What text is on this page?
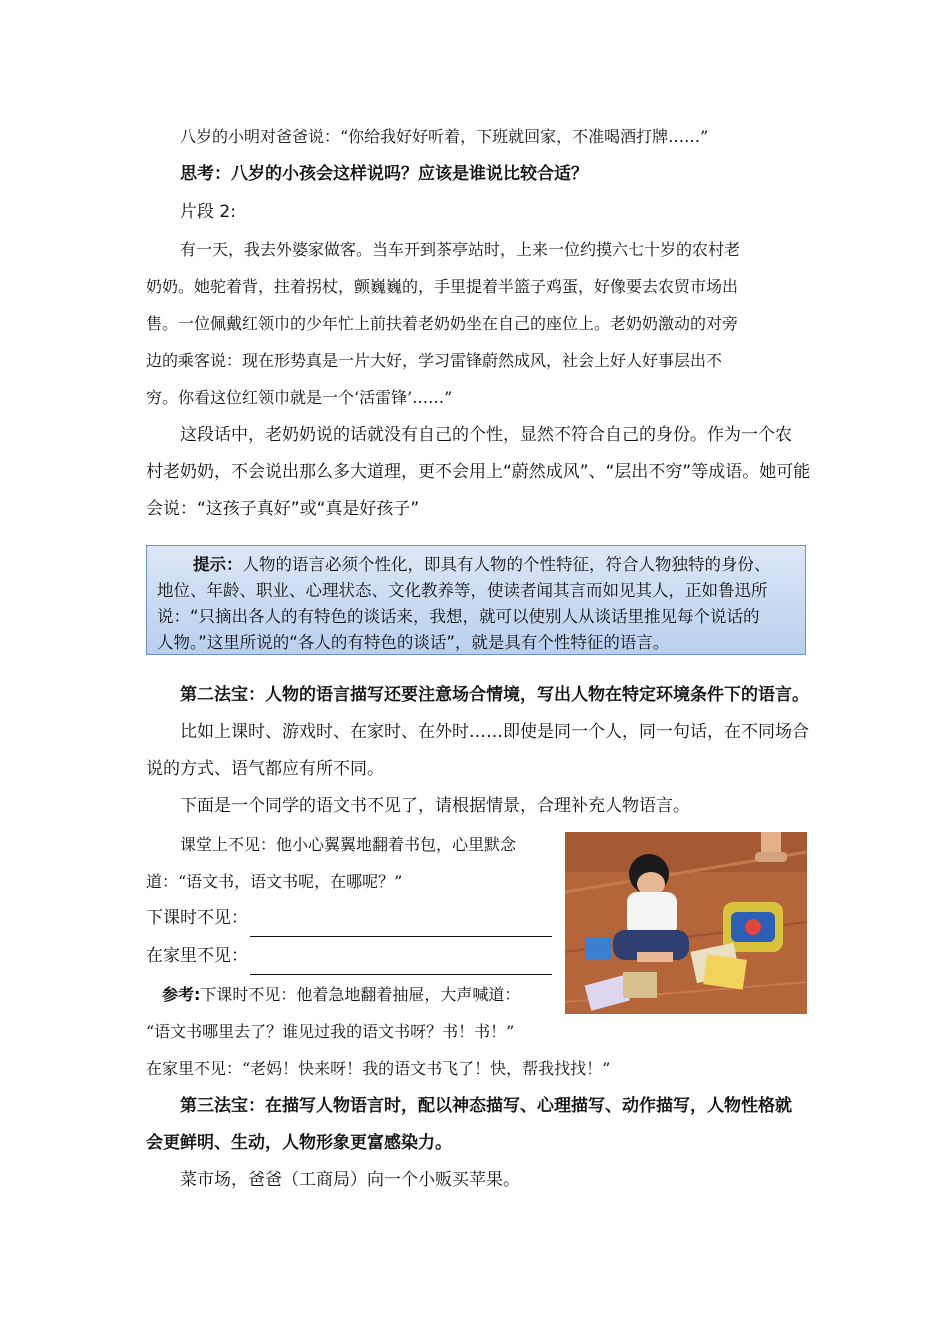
八岁的小明对爸爸说：“你给我好好听着，下班就回家，不准喝酒打牌……”
思考：八岁的小孩会这样说吗？应该是谁说比较合适？
片段 2:
有一天，我去外婆家做客。当车开到茶亭站时，上来一位约摸六七十岁的农村老
奶奶。她驼着背，拄着拐杖，颤巍巍的，手里提着半篮子鸡蛋，好像要去农贸市场出
售。一位佩戴红领巾的少年忙上前扶着老奶奶坐在自己的座位上。老奶奶激动的对旁
边的乘客说：现在形势真是一片大好，学习雷锋蔚然成风，社会上好人好事层出不
穷。你看这位红领巾就是一个‘活雷锋’……”
这段话中，老奶奶说的话就没有自己的个性，显然不符合自己的身份。作为一个农
村老奶奶，不会说出那么多大道理，更不会用上“蔚然成风”、“层出不穷”等成语。她可能
会说：“这孩子真好”或“真是好孩子”
提示：人物的语言必须个性化，即具有人物的个性特征，符合人物独特的身份、
地位、年龄、职业、心理状态、文化教养等，使读者闻其言而如见其人，正如鲁迅所
说：“只摘出各人的有特色的谈话来，我想，就可以使别人从谈话里推见每个说话的
人物。”这里所说的“各人的有特色的谈话”，就是具有个性特征的语言。
第二法宝：人物的语言描写还要注意场合情境，写出人物在特定环境条件下的语言。
比如上课时、游戏时、在家时、在外时……即使是同一个人，同一句话，在不同场合
说的方式、语气都应有所不同。
下面是一个同学的语文书不见了，请根据情景，合理补充人物语言。
课堂上不见：他小心翼翼地翻着书包，心里默念
道：“语文书，语文书呢，在哪呢？”
下课时不见：
在家里不见：
参考:下课时不见：他着急地翻着抽屉，大声喊道：
“语文书哪里去了？谁见过我的语文书呀？书！书！”
在家里不见：“老妈！快来呀！我的语文书飞了！快，帮我找找！”
第三法宝：在描写人物语言时，配以神态描写、心理描写、动作描写，人物性格就
会更鲜明、生动，人物形象更富感染力。
菜市场，爸爸（工商局）向一个小贩买苹果。
